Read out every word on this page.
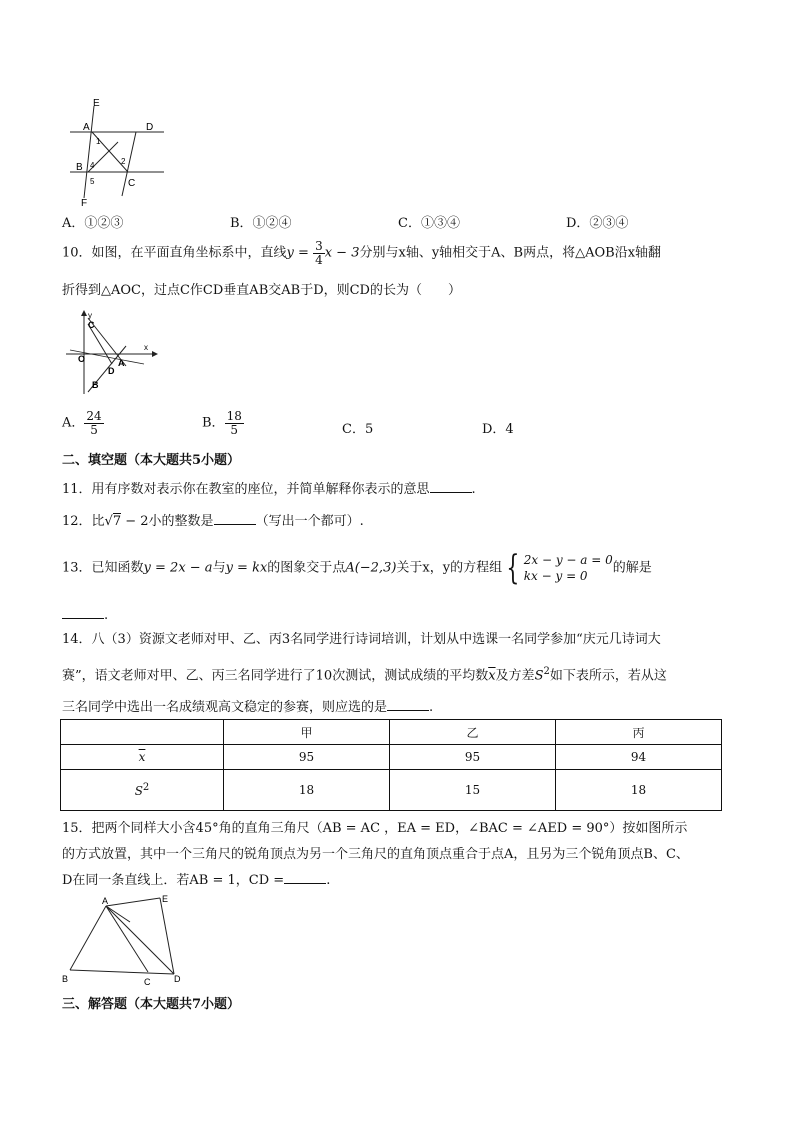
E
A	D
1
2
B 4
5	C
F
A．①②③	B．①②④	C．①③④	D．②③④
10．如图，在平面直角坐标系中，直线$y = \frac{3}{4}$ x − 3分别与x轴、y轴相交于A、B两点，将△AOB沿x轴翻
折得到△AOC，过点C作CD垂直AB交AB于D，则CD的长为（　　）
y
C
O	A
D
B
x
A． $\frac{24}{5}$	B． $\frac{18}{5}$	C．5	D．4
二、填空题（本大题共5小题）
11．用有序数对表示你在教室的座位，并简单解释你表示的意思	.
12．比√7 − 2小的整数是	（写出一个都可）.
13．已知函数y = 2x − a与y = kx的图象交于点A(−2,3)关于x，y的方程组 { 2x − y − a = 0
kx − y = 0
的解是
.
14．八（3）资源文老师对甲、乙、丙3名同学进行诗词培训，计划从中选课一名同学参加“庆元几诗词大
赛”，语文老师对甲、乙、丙三名同学进行了10次测试，测试成绩的平均数$\overline{x}$及方差$S^2$如下表所示，若从这
三名同学中选出一名成绩观高文稳定的参赛，则应选的是	.
	甲	乙	丙
$\overline{x}$	95	95	94
$S^2$	18	15	18
15．把两个同样大小含45°角的直角三角尺（AB = AC ，EA = ED，∠BAC = ∠AED = 90°）按如图所示
的方式放置，其中一个三角尺的锐角顶点为另一个三角尺的直角顶点重合于点A，且另为三个锐角顶点B、C、
D在同一条直线上．若AB = 1，CD =	.
A	E
B	C	D
三、解答题（本大题共7小题）
